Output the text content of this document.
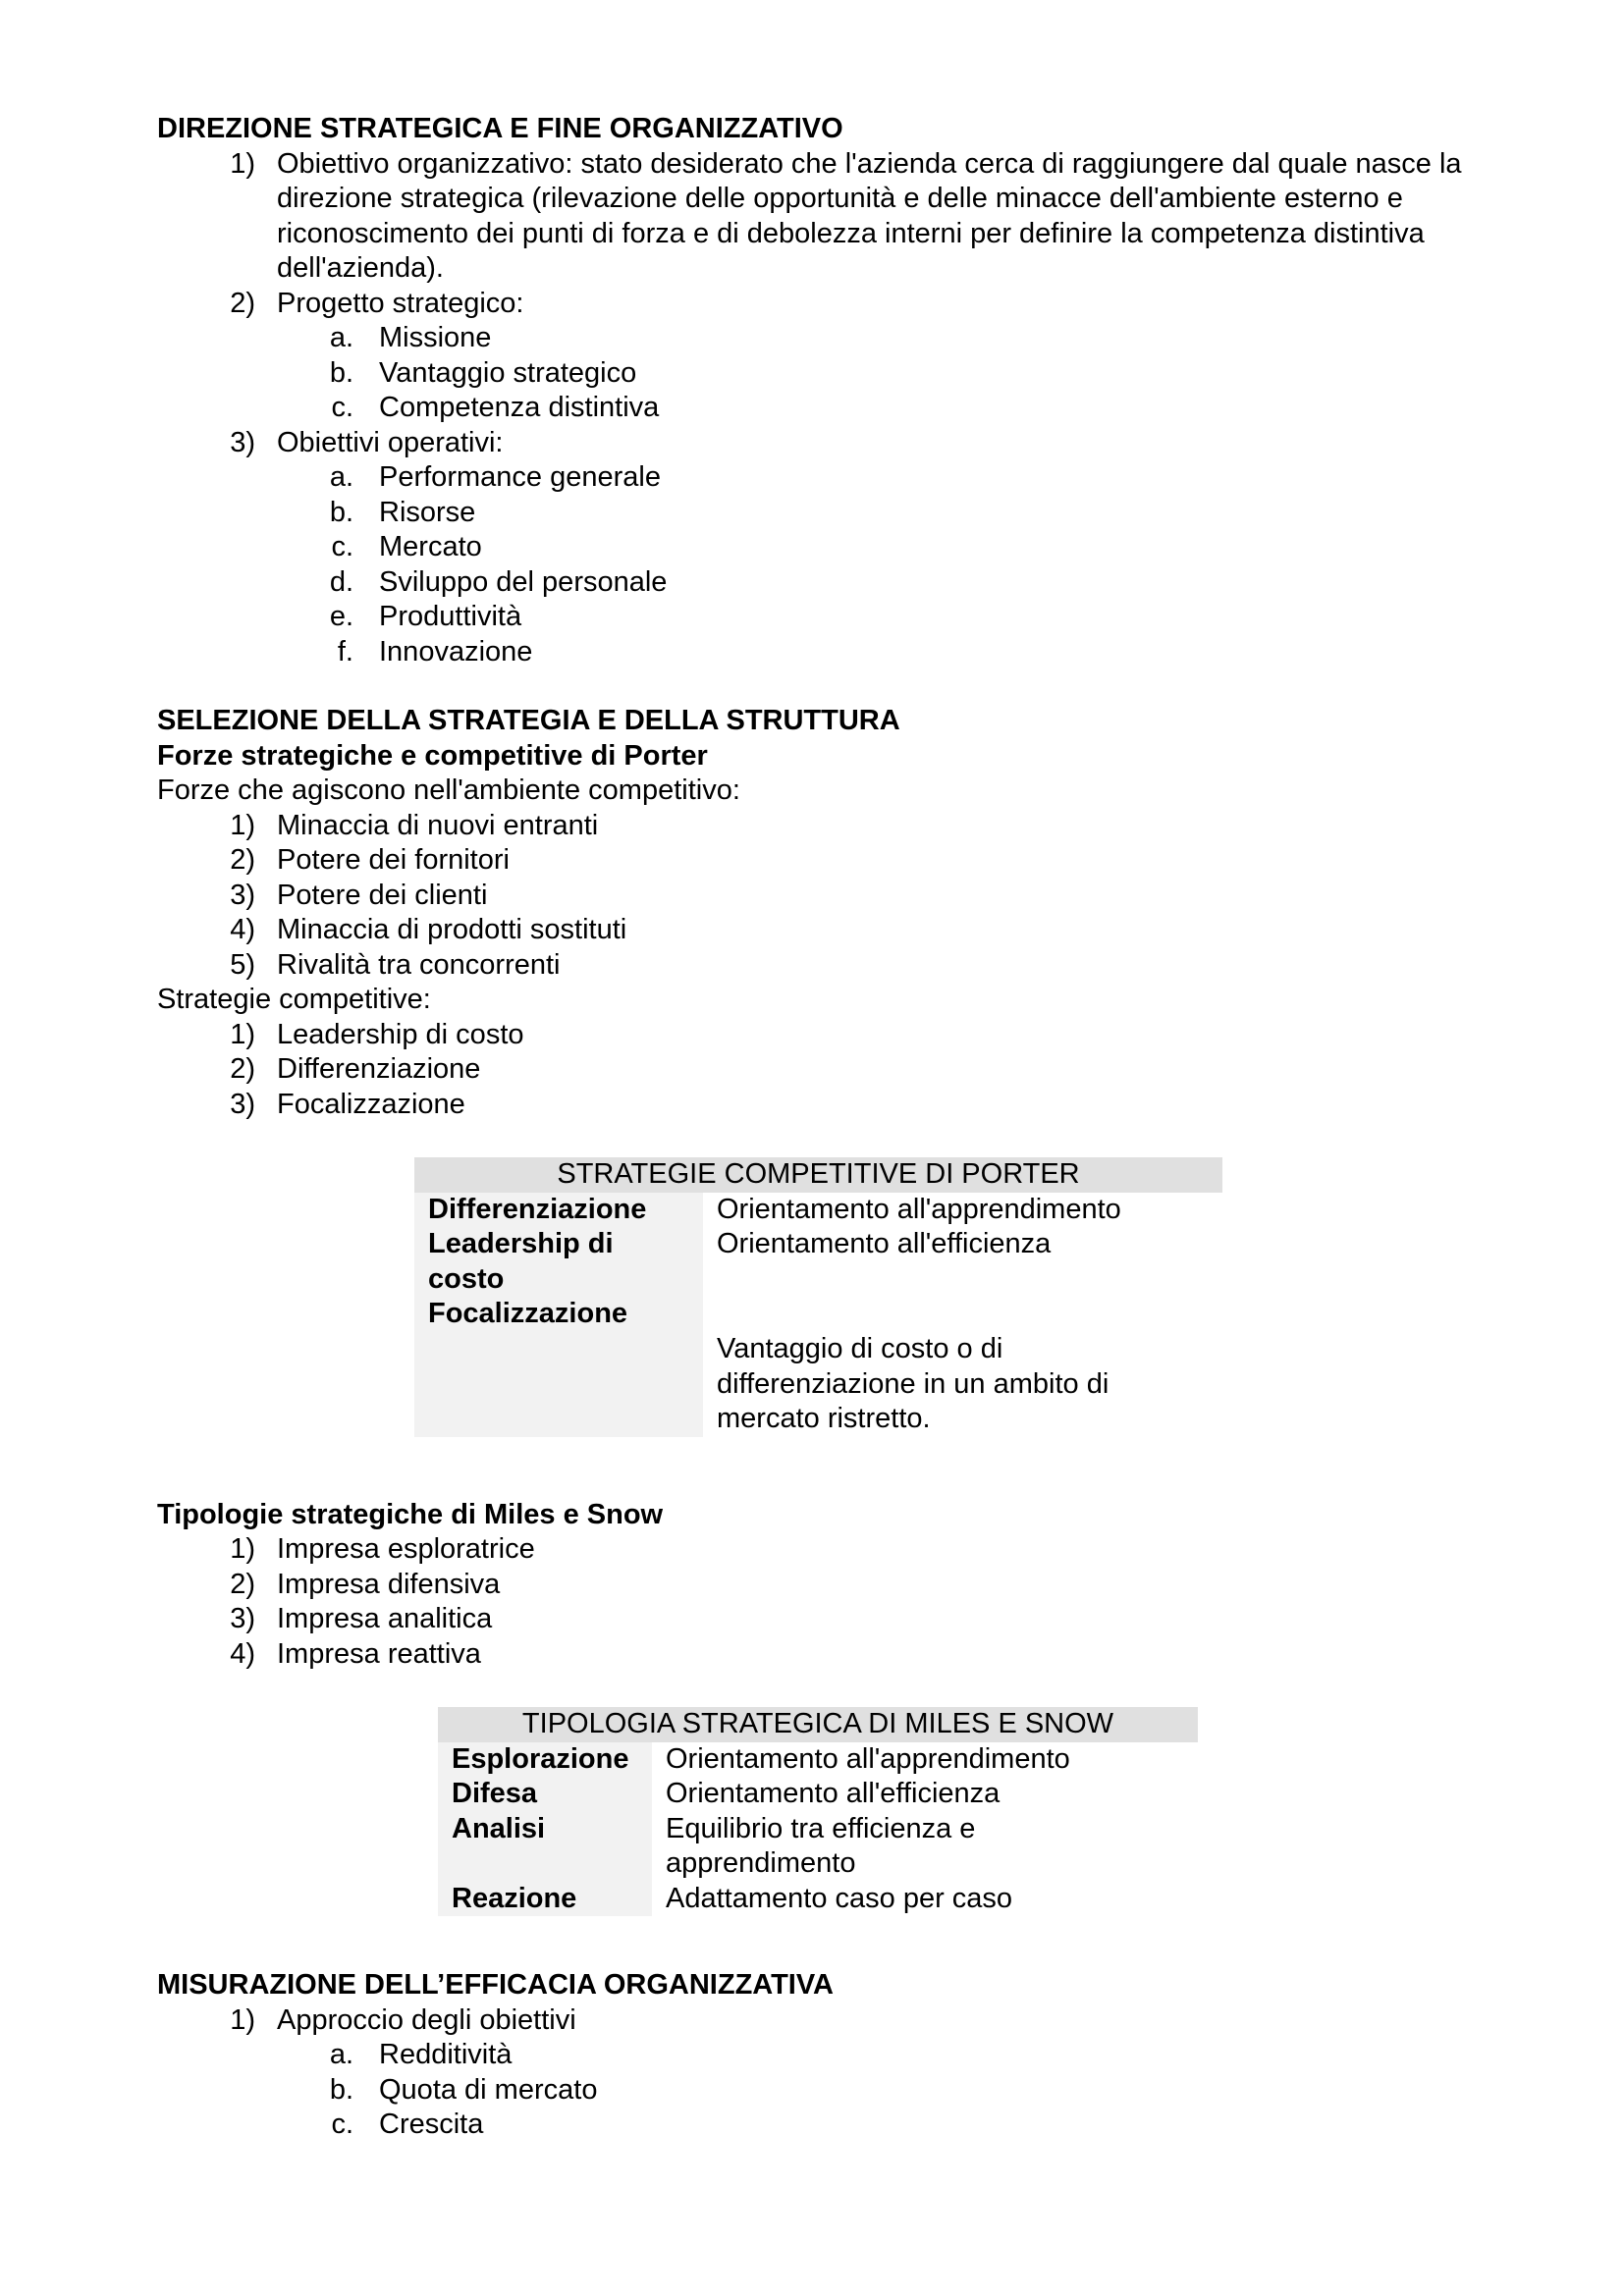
DIREZIONE STRATEGICA E FINE ORGANIZZATIVO
1) Obiettivo organizzativo: stato desiderato che l'azienda cerca di raggiungere dal quale nasce la direzione strategica (rilevazione delle opportunità e delle minacce dell'ambiente esterno e riconoscimento dei punti di forza e di debolezza interni per definire la competenza distintiva dell'azienda).
2) Progetto strategico:
a. Missione
b. Vantaggio strategico
c. Competenza distintiva
3) Obiettivi operativi:
a. Performance generale
b. Risorse
c. Mercato
d. Sviluppo del personale
e. Produttività
f. Innovazione
SELEZIONE DELLA STRATEGIA E DELLA STRUTTURA
Forze strategiche e competitive di Porter
Forze che agiscono nell'ambiente competitivo:
1) Minaccia di nuovi entranti
2) Potere dei fornitori
3) Potere dei clienti
4) Minaccia di prodotti sostituti
5) Rivalità tra concorrenti
Strategie competitive:
1) Leadership di costo
2) Differenziazione
3) Focalizzazione
STRATEGIE COMPETITIVE DI PORTER	
Differenziazione	Orientamento all'apprendimento
Leadership di costo	Orientamento all'efficienza
Focalizzazione	Vantaggio di costo o di differenziazione in un ambito di mercato ristretto.
Tipologie strategiche di Miles e Snow
1) Impresa esploratrice
2) Impresa difensiva
3) Impresa analitica
4) Impresa reattiva
TIPOLOGIA STRATEGICA DI MILES E SNOW	
Esplorazione	Orientamento all'apprendimento
Difesa	Orientamento all'efficienza
Analisi	Equilibrio tra efficienza e apprendimento
Reazione	Adattamento caso per caso
MISURAZIONE DELL’EFFICACIA ORGANIZZATIVA
1) Approccio degli obiettivi
a. Redditività
b. Quota di mercato
c. Crescita
